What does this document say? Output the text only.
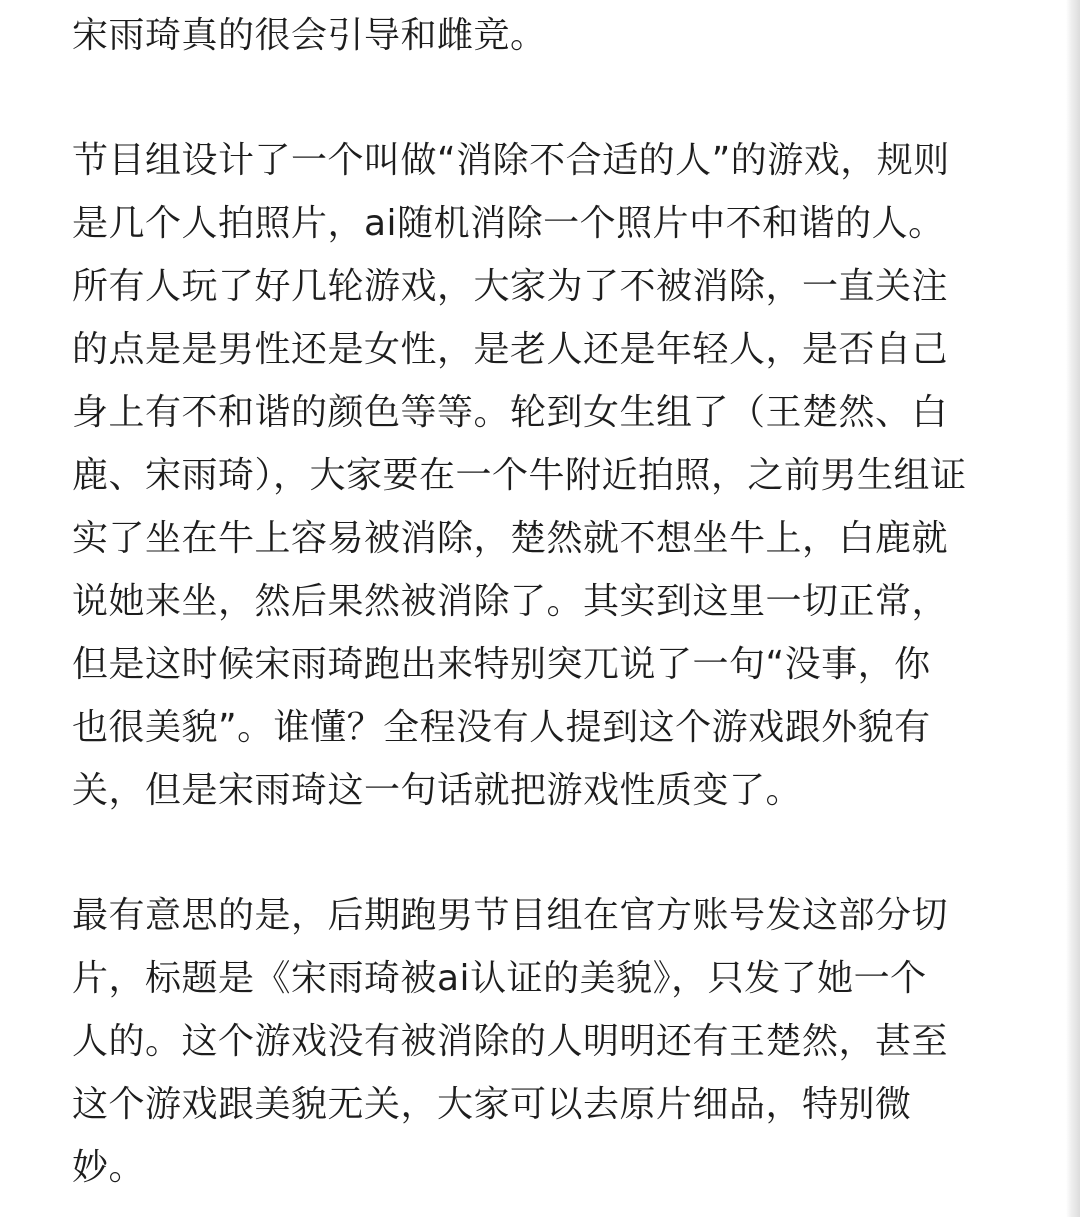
宋雨琦真的很会引导和雌竞。

节目组设计了一个叫做“消除不合适的人”的游戏，规则

是几个人拍照片，ai随机消除一个照片中不和谐的人。

所有人玩了好几轮游戏，大家为了不被消除，一直关注

的点是是男性还是女性，是老人还是年轻人，是否自己

身上有不和谐的颜色等等。轮到女生组了（王楚然、白

鹿、宋雨琦），大家要在一个牛附近拍照，之前男生组证

实了坐在牛上容易被消除，楚然就不想坐牛上，白鹿就

说她来坐，然后果然被消除了。其实到这里一切正常，

但是这时候宋雨琦跑出来特别突兀说了一句“没事，你

也很美貌”。谁懂？全程没有人提到这个游戏跟外貌有

关，但是宋雨琦这一句话就把游戏性质变了。

最有意思的是，后期跑男节目组在官方账号发这部分切

片，标题是《宋雨琦被ai认证的美貌》，只发了她一个

人的。这个游戏没有被消除的人明明还有王楚然，甚至

这个游戏跟美貌无关，大家可以去原片细品，特别微

妙。
